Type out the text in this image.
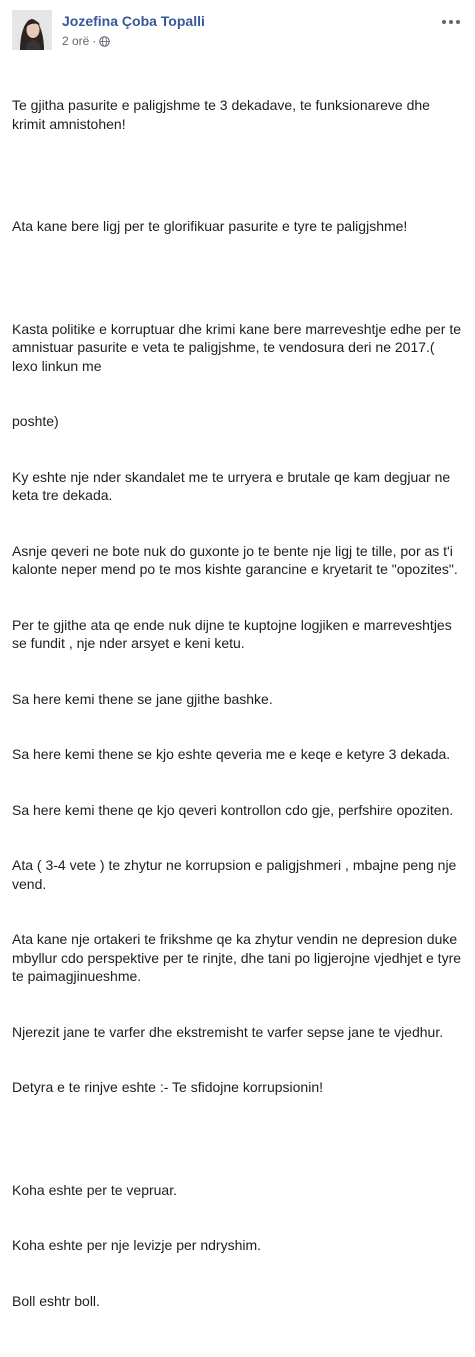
Jozefina Çoba Topalli
2 orë ·

Te gjitha pasurite e paligjshme te 3 dekadave, te funksionareve dhe krimit amnistohen!

Ata kane bere ligj per te glorifikuar pasurite e tyre te paligjshme!

Kasta politike e korruptuar dhe krimi kane bere marreveshtje edhe per te amnistuar pasurite e veta te paligjshme, te vendosura deri ne 2017.( lexo linkun me

poshte)

Ky eshte nje nder skandalet me te urryera e brutale qe kam degjuar ne keta tre dekada.

Asnje qeveri ne bote nuk do guxonte jo te bente nje ligj te tille, por as t'i kalonte neper mend po te mos kishte garancine e kryetarit te "opozites".

Per te gjithe ata qe ende nuk dijne te kuptojne logjiken e marreveshtjes se fundit , nje nder arsyet e keni ketu.

Sa here kemi thene se jane gjithe bashke.

Sa here kemi thene se kjo eshte qeveria me e keqe e ketyre 3 dekada.

Sa here kemi thene qe kjo qeveri kontrollon cdo gje, perfshire opoziten.

Ata ( 3-4 vete ) te zhytur ne korrupsion e paligjshmeri , mbajne peng nje vend.

Ata kane nje ortakeri te frikshme qe ka zhytur vendin ne depresion duke mbyllur cdo perspektive per te rinjte, dhe tani po ligjerojne vjedhjet e tyre te paimagjinueshme.

Njerezit jane te varfer dhe ekstremisht te varfer sepse jane te vjedhur.

Detyra e te rinjve eshte :- Te sfidojne korrupsionin!

Koha eshte per te vepruar.

Koha eshte per nje levizje per ndryshim.

Boll eshtr boll.
